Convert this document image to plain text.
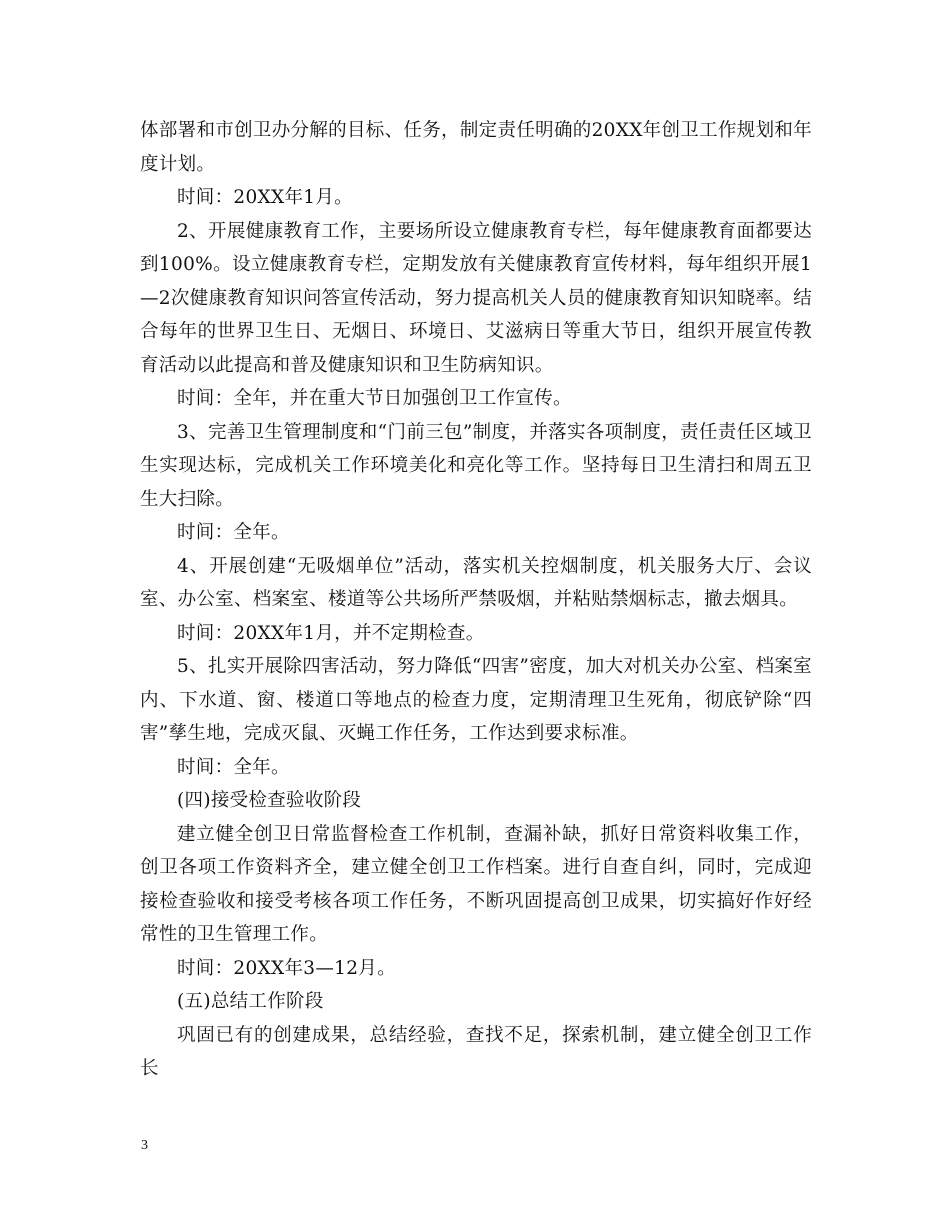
体部署和市创卫办分解的目标、任务，制定责任明确的20XX年创卫工作规划和年度计划。

时间：20XX年1月。

2、开展健康教育工作，主要场所设立健康教育专栏，每年健康教育面都要达到100%。设立健康教育专栏，定期发放有关健康教育宣传材料，每年组织开展1—2次健康教育知识问答宣传活动，努力提高机关人员的健康教育知识知晓率。结合每年的世界卫生日、无烟日、环境日、艾滋病日等重大节日，组织开展宣传教育活动以此提高和普及健康知识和卫生防病知识。

时间：全年，并在重大节日加强创卫工作宣传。

3、完善卫生管理制度和“门前三包”制度，并落实各项制度，责任责任区域卫生实现达标，完成机关工作环境美化和亮化等工作。坚持每日卫生清扫和周五卫生大扫除。

时间：全年。

4、开展创建“无吸烟单位”活动，落实机关控烟制度，机关服务大厅、会议室、办公室、档案室、楼道等公共场所严禁吸烟，并粘贴禁烟标志，撤去烟具。

时间：20XX年1月，并不定期检查。

5、扎实开展除四害活动，努力降低“四害”密度，加大对机关办公室、档案室内、下水道、窗、楼道口等地点的检查力度，定期清理卫生死角，彻底铲除“四害”孳生地，完成灭鼠、灭蝇工作任务，工作达到要求标准。

时间：全年。

(四)接受检查验收阶段

建立健全创卫日常监督检查工作机制，查漏补缺，抓好日常资料收集工作，创卫各项工作资料齐全，建立健全创卫工作档案。进行自查自纠，同时，完成迎接检查验收和接受考核各项工作任务，不断巩固提高创卫成果，切实搞好作好经常性的卫生管理工作。

时间：20XX年3—12月。

(五)总结工作阶段

巩固已有的创建成果，总结经验，查找不足，探索机制，建立健全创卫工作长

3
